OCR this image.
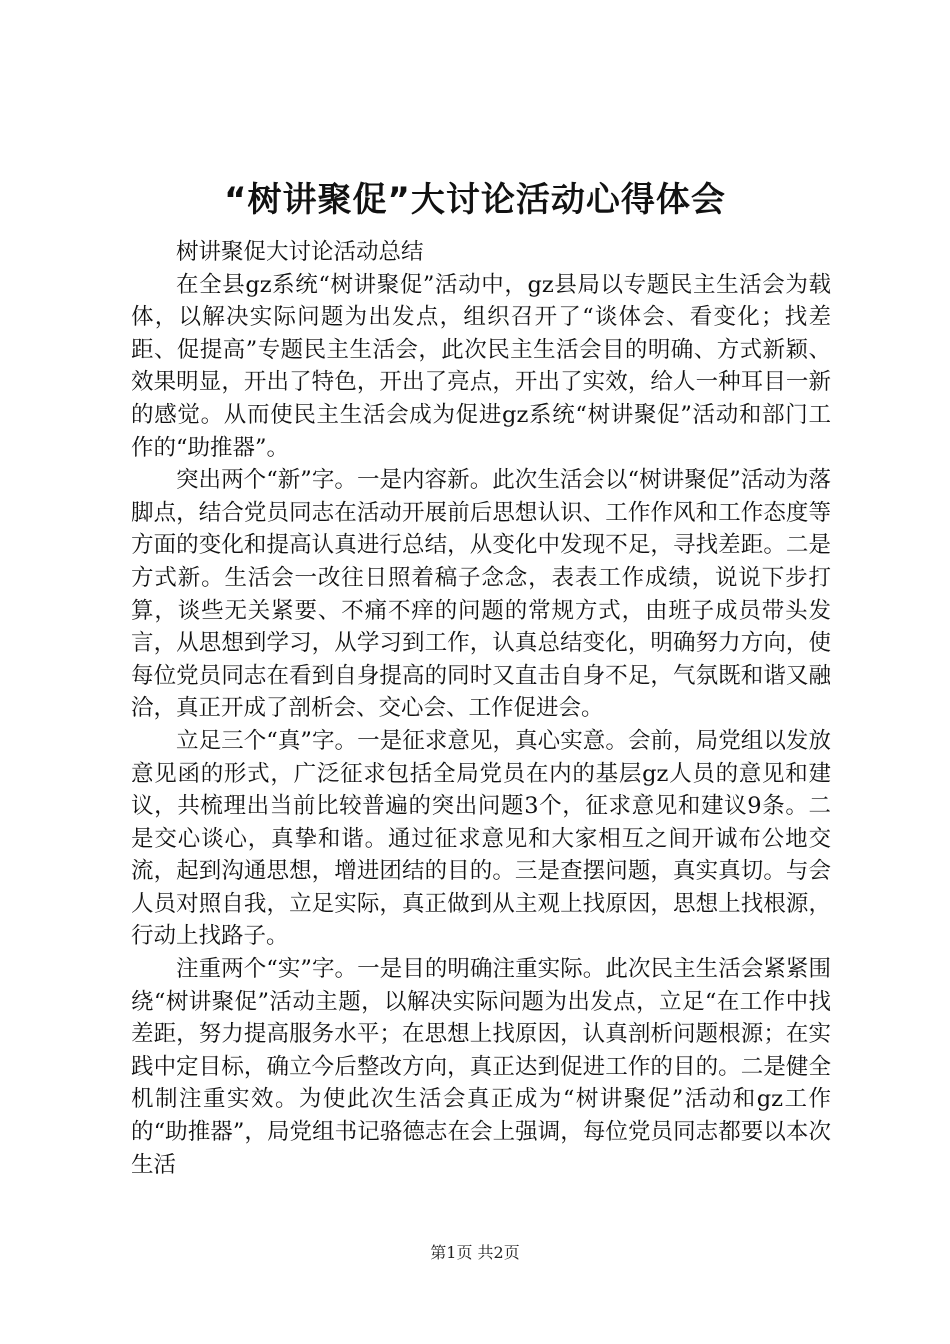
“树讲聚促”大讨论活动心得体会

树讲聚促大讨论活动总结

在全县gz系统“树讲聚促”活动中，gz县局以专题民主生活会为载体，以解决实际问题为出发点，组织召开了“谈体会、看变化；找差距、促提高”专题民主生活会，此次民主生活会目的明确、方式新颖、效果明显，开出了特色，开出了亮点，开出了实效，给人一种耳目一新的感觉。从而使民主生活会成为促进gz系统“树讲聚促”活动和部门工作的“助推器”。

突出两个“新”字。一是内容新。此次生活会以“树讲聚促”活动为落脚点，结合党员同志在活动开展前后思想认识、工作作风和工作态度等方面的变化和提高认真进行总结，从变化中发现不足，寻找差距。二是方式新。生活会一改往日照着稿子念念，表表工作成绩，说说下步打算，谈些无关紧要、不痛不痒的问题的常规方式，由班子成员带头发言，从思想到学习，从学习到工作，认真总结变化，明确努力方向，使每位党员同志在看到自身提高的同时又直击自身不足，气氛既和谐又融洽，真正开成了剖析会、交心会、工作促进会。

立足三个“真”字。一是征求意见，真心实意。会前，局党组以发放意见函的形式，广泛征求包括全局党员在内的基层gz人员的意见和建议，共梳理出当前比较普遍的突出问题3个，征求意见和建议9条。二是交心谈心，真挚和谐。通过征求意见和大家相互之间开诚布公地交流，起到沟通思想，增进团结的目的。三是查摆问题，真实真切。与会人员对照自我，立足实际，真正做到从主观上找原因，思想上找根源，行动上找路子。

注重两个“实”字。一是目的明确注重实际。此次民主生活会紧紧围绕“树讲聚促”活动主题，以解决实际问题为出发点，立足“在工作中找差距，努力提高服务水平；在思想上找原因，认真剖析问题根源；在实践中定目标，确立今后整改方向，真正达到促进工作的目的。二是健全机制注重实效。为使此次生活会真正成为“树讲聚促”活动和gz工作的“助推器”，局党组书记骆德志在会上强调，每位党员同志都要以本次生活

第1页 共2页
